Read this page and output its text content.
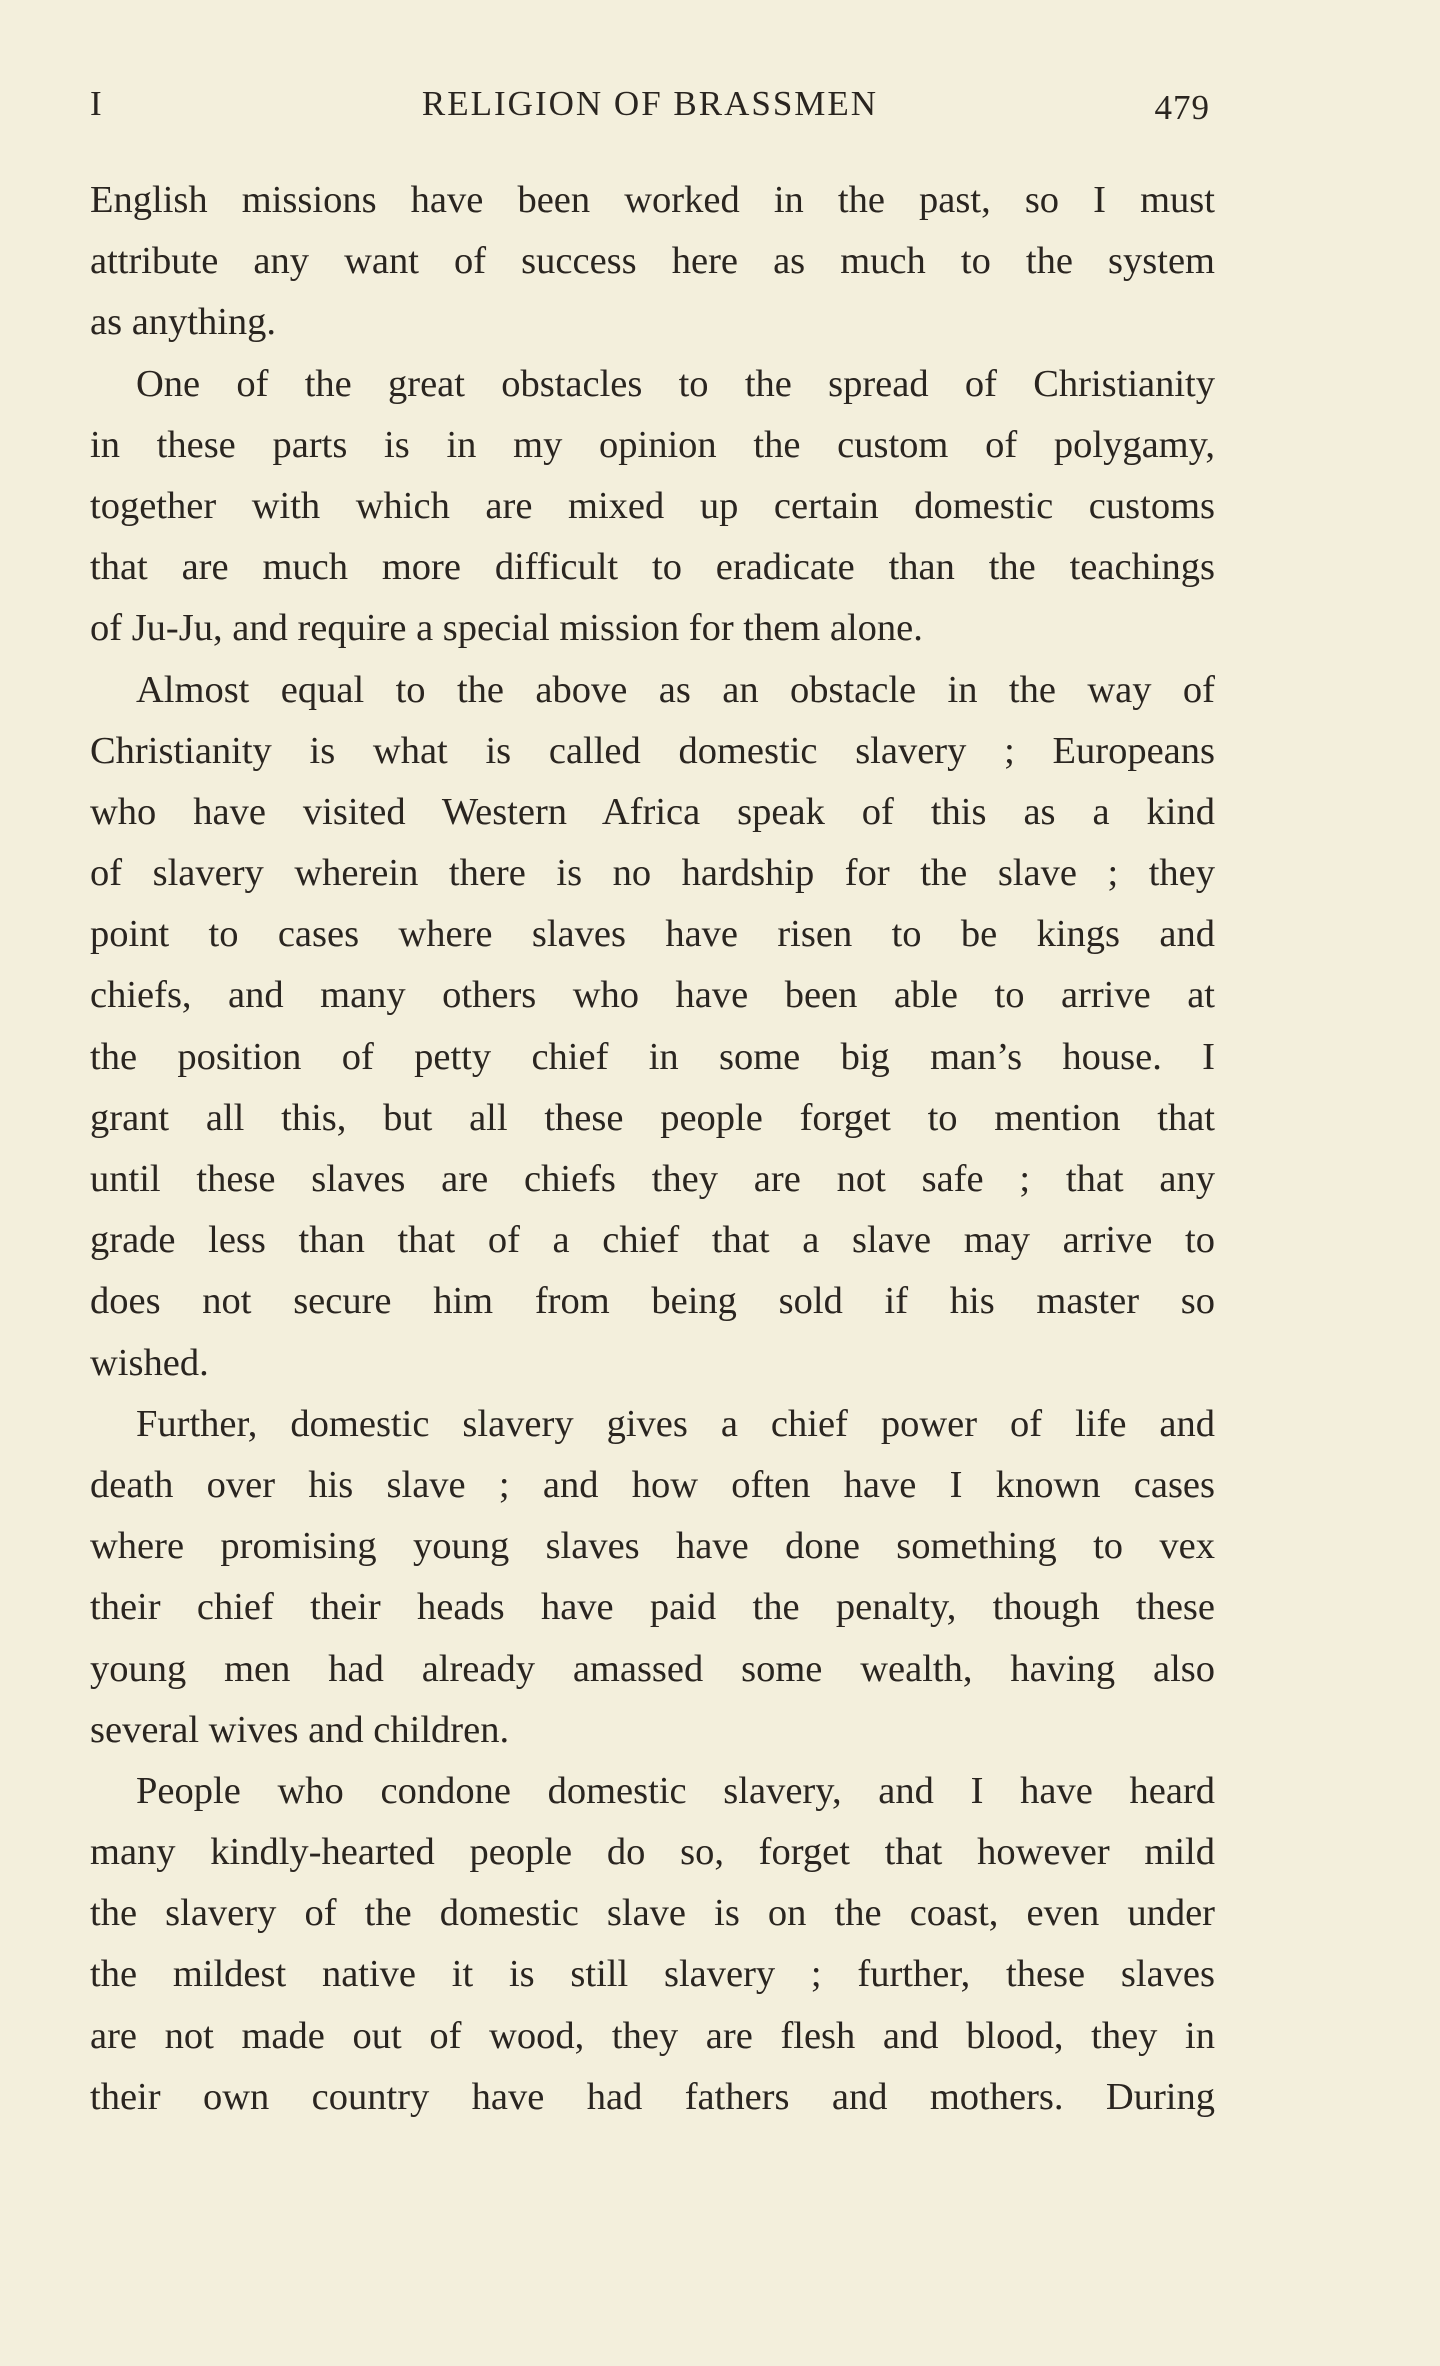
I	RELIGION OF BRASSMEN	479
English missions have been worked in the past, so I must
attribute any want of success here as much to the system
as anything.
One of the great obstacles to the spread of Christianity
in these parts is in my opinion the custom of polygamy,
together with which are mixed up certain domestic customs
that are much more difficult to eradicate than the teachings
of Ju-Ju, and require a special mission for them alone.
Almost equal to the above as an obstacle in the way of
Christianity is what is called domestic slavery ; Europeans
who have visited Western Africa speak of this as a kind
of slavery wherein there is no hardship for the slave ; they
point to cases where slaves have risen to be kings and
chiefs, and many others who have been able to arrive at
the position of petty chief in some big man’s house. I
grant all this, but all these people forget to mention that
until these slaves are chiefs they are not safe ; that any
grade less than that of a chief that a slave may arrive to
does not secure him from being sold if his master so
wished.
Further, domestic slavery gives a chief power of life and
death over his slave ; and how often have I known cases
where promising young slaves have done something to vex
their chief their heads have paid the penalty, though these
young men had already amassed some wealth, having also
several wives and children.
People who condone domestic slavery, and I have heard
many kindly-hearted people do so, forget that however mild
the slavery of the domestic slave is on the coast, even under
the mildest native it is still slavery ; further, these slaves
are not made out of wood, they are flesh and blood, they in
their own country have had fathers and mothers. During
